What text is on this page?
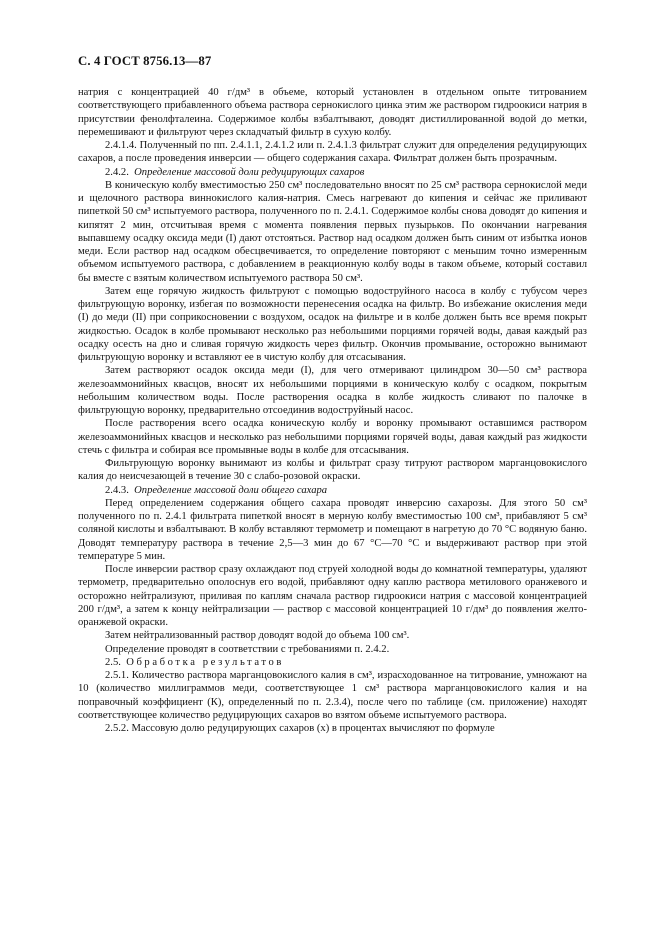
С. 4 ГОСТ 8756.13—87

натрия с концентрацией 40 г/дм³ в объеме, который установлен в отдельном опыте титрованием соответствующего прибавленного объема раствора сернокислого цинка этим же раствором гидроокиси натрия в присутствии фенолфталеина. Содержимое колбы взбалтывают, доводят дистиллированной водой до метки, перемешивают и фильтруют через складчатый фильтр в сухую колбу.

2.4.1.4. Полученный по пп. 2.4.1.1, 2.4.1.2 или п. 2.4.1.3 фильтрат служит для определения редуцирующих сахаров, а после проведения инверсии — общего содержания сахара. Фильтрат должен быть прозрачным.

2.4.2. Определение массовой доли редуцирующих сахаров

В коническую колбу вместимостью 250 см³ последовательно вносят по 25 см³ раствора сернокислой меди и щелочного раствора виннокислого калия-натрия. Смесь нагревают до кипения и сейчас же приливают пипеткой 50 см³ испытуемого раствора, полученного по п. 2.4.1. Содержимое колбы снова доводят до кипения и кипятят 2 мин, отсчитывая время с момента появления первых пузырьков. По окончании нагревания выпавшему осадку оксида меди (I) дают отстояться. Раствор над осадком должен быть синим от избытка ионов меди. Если раствор над осадком обесцвечивается, то определение повторяют с меньшим точно измеренным объемом испытуемого раствора, с добавлением в реакционную колбу воды в таком объеме, который составил бы вместе с взятым количеством испытуемого раствора 50 см³.

Затем еще горячую жидкость фильтруют с помощью водоструйного насоса в колбу с тубусом через фильтрующую воронку, избегая по возможности перенесения осадка на фильтр. Во избежание окисления меди (I) до меди (II) при соприкосновении с воздухом, осадок на фильтре и в колбе должен быть все время покрыт жидкостью. Осадок в колбе промывают несколько раз небольшими порциями горячей воды, давая каждый раз осадку осесть на дно и сливая горячую жидкость через фильтр. Окончив промывание, осторожно вынимают фильтрующую воронку и вставляют ее в чистую колбу для отсасывания.

Затем растворяют осадок оксида меди (I), для чего отмеривают цилиндром 30—50 см³ раствора железоаммонийных квасцов, вносят их небольшими порциями в коническую колбу с осадком, покрытым небольшим количеством воды. После растворения осадка в колбе жидкость сливают по палочке в фильтрующую воронку, предварительно отсоединив водоструйный насос.

После растворения всего осадка коническую колбу и воронку промывают оставшимся раствором железоаммонийных квасцов и несколько раз небольшими порциями горячей воды, давая каждый раз жидкости стечь с фильтра и собирая все промывные воды в колбе для отсасывания.

Фильтрующую воронку вынимают из колбы и фильтрат сразу титруют раствором марганцовокислого калия до неисчезающей в течение 30 с слабо-розовой окраски.

2.4.3. Определение массовой доли общего сахара

Перед определением содержания общего сахара проводят инверсию сахарозы. Для этого 50 см³ полученного по п. 2.4.1 фильтрата пипеткой вносят в мерную колбу вместимостью 100 см³, прибавляют 5 см³ соляной кислоты и взбалтывают. В колбу вставляют термометр и помещают в нагретую до 70 °С водяную баню. Доводят температуру раствора в течение 2,5—3 мин до 67 °С—70 °С и выдерживают раствор при этой температуре 5 мин.

После инверсии раствор сразу охлаждают под струей холодной воды до комнатной температуры, удаляют термометр, предварительно ополоснув его водой, прибавляют одну каплю раствора метилового оранжевого и осторожно нейтрализуют, приливая по каплям сначала раствор гидроокиси натрия с массовой концентрацией 200 г/дм³, а затем к концу нейтрализации — раствор с массовой концентрацией 10 г/дм³ до появления желто-оранжевой окраски.

Затем нейтрализованный раствор доводят водой до объема 100 см³.

Определение проводят в соответствии с требованиями п. 2.4.2.

2.5. Обработка результатов

2.5.1. Количество раствора марганцовокислого калия в см³, израсходованное на титрование, умножают на 10 (количество миллиграммов меди, соответствующее 1 см³ раствора марганцовокислого калия и на поправочный коэффициент (К), определенный по п. 2.3.4), после чего по таблице (см. приложение) находят соответствующее количество редуцирующих сахаров во взятом объеме испытуемого раствора.

2.5.2. Массовую долю редуцирующих сахаров (х) в процентах вычисляют по формуле
